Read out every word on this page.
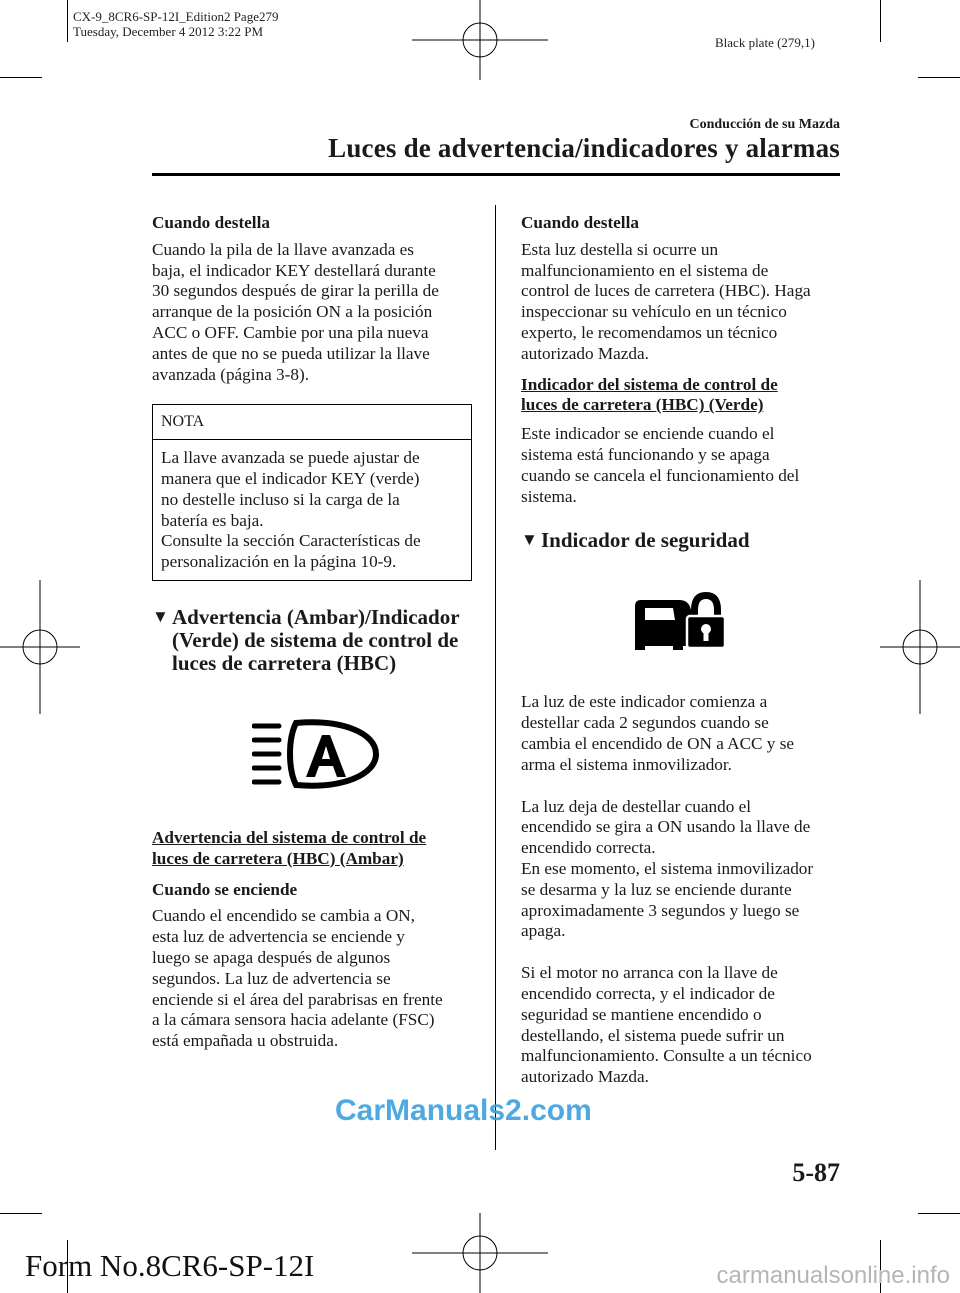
CX-9_8CR6-SP-12I_Edition2 Page279
Tuesday, December 4 2012 3:22 PM
Black plate (279,1)
Conducción de su Mazda
Luces de advertencia/indicadores y alarmas

Cuando destella

Cuando la pila de la llave avanzada es
baja, el indicador KEY destellará durante
30 segundos después de girar la perilla de
arranque de la posición ON a la posición
ACC o OFF. Cambie por una pila nueva
antes de que no se pueda utilizar la llave
avanzada (página 3-8).

NOTA
La llave avanzada se puede ajustar de
manera que el indicador KEY (verde)
no destelle incluso si la carga de la
batería es baja.
Consulte la sección Características de
personalización en la página 10-9.
▼ Advertencia (Ambar)/Indicador
(Verde) de sistema de control de
luces de carretera (HBC)

Advertencia del sistema de control de
luces de carretera (HBC) (Ambar)

Cuando se enciende

Cuando el encendido se cambia a ON,
esta luz de advertencia se enciende y
luego se apaga después de algunos
segundos. La luz de advertencia se
enciende si el área del parabrisas en frente
a la cámara sensora hacia adelante (FSC)
está empañada u obstruida.

Cuando destella

Esta luz destella si ocurre un
malfuncionamiento en el sistema de
control de luces de carretera (HBC). Haga
inspeccionar su vehículo en un técnico
experto, le recomendamos un técnico
autorizado Mazda.

Indicador del sistema de control de
luces de carretera (HBC) (Verde)

Este indicador se enciende cuando el
sistema está funcionando y se apaga
cuando se cancela el funcionamiento del
sistema.

▼ Indicador de seguridad

La luz de este indicador comienza a
destellar cada 2 segundos cuando se
cambia el encendido de ON a ACC y se
arma el sistema inmovilizador.

La luz deja de destellar cuando el
encendido se gira a ON usando la llave de
encendido correcta.
En ese momento, el sistema inmovilizador
se desarma y la luz se enciende durante
aproximadamente 3 segundos y luego se
apaga.

Si el motor no arranca con la llave de
encendido correcta, y el indicador de
seguridad se mantiene encendido o
destellando, el sistema puede sufrir un
malfuncionamiento. Consulte a un técnico
autorizado Mazda.

CarManuals2.com
5-87
Form No.8CR6-SP-12I	carmanualsonline.info
